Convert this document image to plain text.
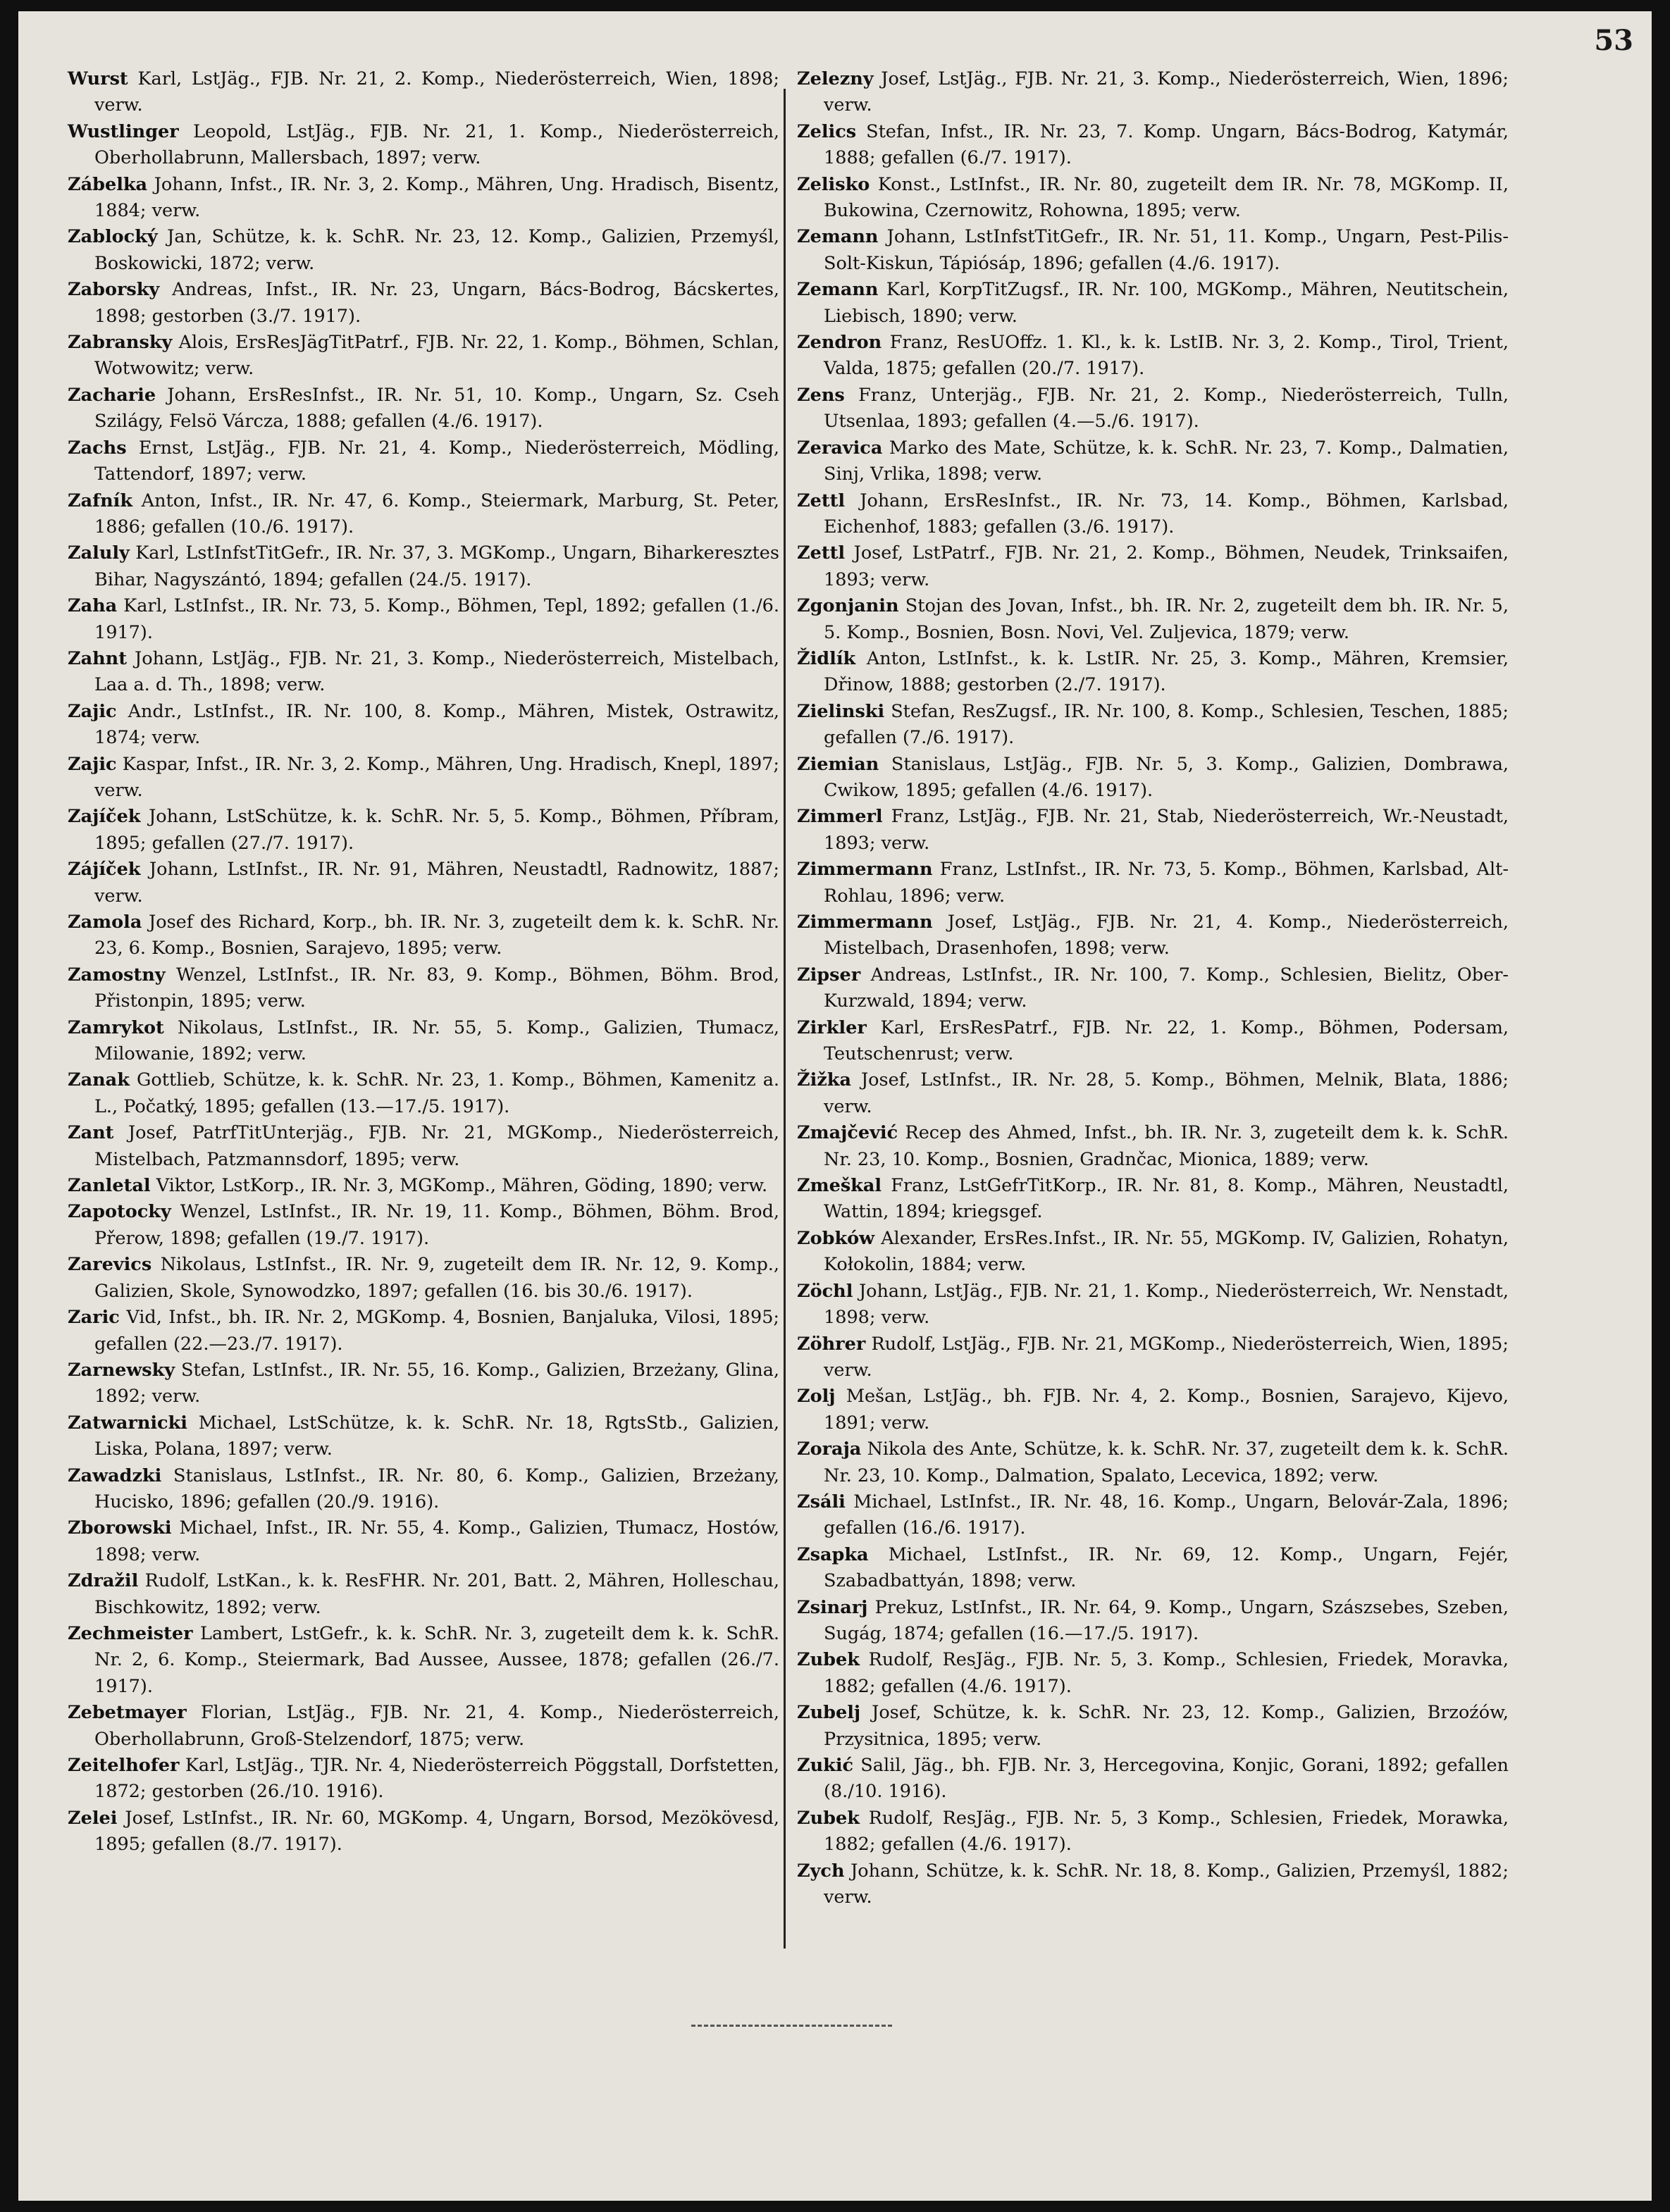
53

Wurst Karl, LstJäg., FJB. Nr. 21, 2. Komp., Niederösterreich, Wien, 1898; verw.

Wustlinger Leopold, LstJäg., FJB. Nr. 21, 1. Komp., Niederösterreich, Oberhollabrunn, Mallersbach, 1897; verw.

Zábelka Johann, Infst., IR. Nr. 3, 2. Komp., Mähren, Ung. Hradisch, Bisentz, 1884; verw.

Zablocký Jan, Schütze, k. k. SchR. Nr. 23, 12. Komp., Galizien, Przemyśl, Boskowicki, 1872; verw.

Zaborsky Andreas, Infst., IR. Nr. 23, Ungarn, Bács-Bodrog, Bácskertes, 1898; gestorben (3./7. 1917).

Zabransky Alois, ErsResJägTitPatrf., FJB. Nr. 22, 1. Komp., Böhmen, Schlan, Wotwowitz; verw.

Zacharie Johann, ErsResInfst., IR. Nr. 51, 10. Komp., Ungarn, Sz. Cseh Szilágy, Felsö Várcza, 1888; gefallen (4./6. 1917).

Zachs Ernst, LstJäg., FJB. Nr. 21, 4. Komp., Niederösterreich, Mödling, Tattendorf, 1897; verw.

Zafník Anton, Infst., IR. Nr. 47, 6. Komp., Steiermark, Marburg, St. Peter, 1886; gefallen (10./6. 1917).

Zaluly Karl, LstInfstTitGefr., IR. Nr. 37, 3. MGKomp., Ungarn, Biharkeresztes Bihar, Nagyszántó, 1894; gefallen (24./5. 1917).

Zaha Karl, LstInfst., IR. Nr. 73, 5. Komp., Böhmen, Tepl, 1892; gefallen (1./6. 1917).

Zahnt Johann, LstJäg., FJB. Nr. 21, 3. Komp., Niederösterreich, Mistelbach, Laa a. d. Th., 1898; verw.

Zajic Andr., LstInfst., IR. Nr. 100, 8. Komp., Mähren, Mistek, Ostrawitz, 1874; verw.

Zajic Kaspar, Infst., IR. Nr. 3, 2. Komp., Mähren, Ung. Hradisch, Knepl, 1897; verw.

Zajíček Johann, LstSchütze, k. k. SchR. Nr. 5, 5. Komp., Böhmen, Příbram, 1895; gefallen (27./7. 1917).

Zájíček Johann, LstInfst., IR. Nr. 91, Mähren, Neustadtl, Radnowitz, 1887; verw.

Zamola Josef des Richard, Korp., bh. IR. Nr. 3, zugeteilt dem k. k. SchR. Nr. 23, 6. Komp., Bosnien, Sarajevo, 1895; verw.

Zamostny Wenzel, LstInfst., IR. Nr. 83, 9. Komp., Böhmen, Böhm. Brod, Přistonpin, 1895; verw.

Zamrykot Nikolaus, LstInfst., IR. Nr. 55, 5. Komp., Galizien, Tłumacz, Milowanie, 1892; verw.

Zanak Gottlieb, Schütze, k. k. SchR. Nr. 23, 1. Komp., Böhmen, Kamenitz a. L., Počatký, 1895; gefallen (13.—17./5. 1917).

Zant Josef, PatrfTitUnterjäg., FJB. Nr. 21, MGKomp., Niederösterreich, Mistelbach, Patzmannsdorf, 1895; verw.

Zanletal Viktor, LstKorp., IR. Nr. 3, MGKomp., Mähren, Göding, 1890; verw.

Zapotocky Wenzel, LstInfst., IR. Nr. 19, 11. Komp., Böhmen, Böhm. Brod, Přerow, 1898; gefallen (19./7. 1917).

Zarevics Nikolaus, LstInfst., IR. Nr. 9, zugeteilt dem IR. Nr. 12, 9. Komp., Galizien, Skole, Synowodzko, 1897; gefallen (16. bis 30./6. 1917).

Zaric Vid, Infst., bh. IR. Nr. 2, MGKomp. 4, Bosnien, Banjaluka, Vilosi, 1895; gefallen (22.—23./7. 1917).

Zarnewsky Stefan, LstInfst., IR. Nr. 55, 16. Komp., Galizien, Brzeżany, Glina, 1892; verw.

Zatwarnicki Michael, LstSchütze, k. k. SchR. Nr. 18, RgtsStb., Galizien, Liska, Polana, 1897; verw.

Zawadzki Stanislaus, LstInfst., IR. Nr. 80, 6. Komp., Galizien, Brzeżany, Hucisko, 1896; gefallen (20./9. 1916).

Zborowski Michael, Infst., IR. Nr. 55, 4. Komp., Galizien, Tłumacz, Hostów, 1898; verw.

Zdražil Rudolf, LstKan., k. k. ResFHR. Nr. 201, Batt. 2, Mähren, Holleschau, Bischkowitz, 1892; verw.

Zechmeister Lambert, LstGefr., k. k. SchR. Nr. 3, zugeteilt dem k. k. SchR. Nr. 2, 6. Komp., Steiermark, Bad Aussee, Aussee, 1878; gefallen (26./7. 1917).

Zebetmayer Florian, LstJäg., FJB. Nr. 21, 4. Komp., Niederösterreich, Oberhollabrunn, Groß-Stelzendorf, 1875; verw.

Zeitelhofer Karl, LstJäg., TJR. Nr. 4, Niederösterreich Pöggstall, Dorfstetten, 1872; gestorben (26./10. 1916).

Zelei Josef, LstInfst., IR. Nr. 60, MGKomp. 4, Ungarn, Borsod, Mezökövesd, 1895; gefallen (8./7. 1917).

Zelezny Josef, LstJäg., FJB. Nr. 21, 3. Komp., Niederösterreich, Wien, 1896; verw.

Zelics Stefan, Infst., IR. Nr. 23, 7. Komp. Ungarn, Bács-Bodrog, Katymár, 1888; gefallen (6./7. 1917).

Zelisko Konst., LstInfst., IR. Nr. 80, zugeteilt dem IR. Nr. 78, MGKomp. II, Bukowina, Czernowitz, Rohowna, 1895; verw.

Zemann Johann, LstInfstTitGefr., IR. Nr. 51, 11. Komp., Ungarn, Pest-Pilis-Solt-Kiskun, Tápiósáp, 1896; gefallen (4./6. 1917).

Zemann Karl, KorpTitZugsf., IR. Nr. 100, MGKomp., Mähren, Neutitschein, Liebisch, 1890; verw.

Zendron Franz, ResUOffz. 1. Kl., k. k. LstIB. Nr. 3, 2. Komp., Tirol, Trient, Valda, 1875; gefallen (20./7. 1917).

Zens Franz, Unterjäg., FJB. Nr. 21, 2. Komp., Niederösterreich, Tulln, Utsenlaa, 1893; gefallen (4.—5./6. 1917).

Zeravica Marko des Mate, Schütze, k. k. SchR. Nr. 23, 7. Komp., Dalmatien, Sinj, Vrlika, 1898; verw.

Zettl Johann, ErsResInfst., IR. Nr. 73, 14. Komp., Böhmen, Karlsbad, Eichenhof, 1883; gefallen (3./6. 1917).

Zettl Josef, LstPatrf., FJB. Nr. 21, 2. Komp., Böhmen, Neudek, Trinksaifen, 1893; verw.

Zgonjanin Stojan des Jovan, Infst., bh. IR. Nr. 2, zugeteilt dem bh. IR. Nr. 5, 5. Komp., Bosnien, Bosn. Novi, Vel. Zuljevica, 1879; verw.

Židlík Anton, LstInfst., k. k. LstIR. Nr. 25, 3. Komp., Mähren, Kremsier, Dřinow, 1888; gestorben (2./7. 1917).

Zielinski Stefan, ResZugsf., IR. Nr. 100, 8. Komp., Schlesien, Teschen, 1885; gefallen (7./6. 1917).

Ziemian Stanislaus, LstJäg., FJB. Nr. 5, 3. Komp., Galizien, Dombrawa, Cwikow, 1895; gefallen (4./6. 1917).

Zimmerl Franz, LstJäg., FJB. Nr. 21, Stab, Niederösterreich, Wr.-Neustadt, 1893; verw.

Zimmermann Franz, LstInfst., IR. Nr. 73, 5. Komp., Böhmen, Karlsbad, Alt-Rohlau, 1896; verw.

Zimmermann Josef, LstJäg., FJB. Nr. 21, 4. Komp., Niederösterreich, Mistelbach, Drasenhofen, 1898; verw.

Zipser Andreas, LstInfst., IR. Nr. 100, 7. Komp., Schlesien, Bielitz, Ober-Kurzwald, 1894; verw.

Zirkler Karl, ErsResPatrf., FJB. Nr. 22, 1. Komp., Böhmen, Podersam, Teutschenrust; verw.

Žižka Josef, LstInfst., IR. Nr. 28, 5. Komp., Böhmen, Melnik, Blata, 1886; verw.

Zmajčević Recep des Ahmed, Infst., bh. IR. Nr. 3, zugeteilt dem k. k. SchR. Nr. 23, 10. Komp., Bosnien, Gradnčac, Mionica, 1889; verw.

Zmeškal Franz, LstGefrTitKorp., IR. Nr. 81, 8. Komp., Mähren, Neustadtl, Wattin, 1894; kriegsgef.

Zobków Alexander, ErsRes.Infst., IR. Nr. 55, MGKomp. IV, Galizien, Rohatyn, Kołokolin, 1884; verw.

Zöchl Johann, LstJäg., FJB. Nr. 21, 1. Komp., Niederösterreich, Wr. Nenstadt, 1898; verw.

Zöhrer Rudolf, LstJäg., FJB. Nr. 21, MGKomp., Niederösterreich, Wien, 1895; verw.

Zolj Mešan, LstJäg., bh. FJB. Nr. 4, 2. Komp., Bosnien, Sarajevo, Kijevo, 1891; verw.

Zoraja Nikola des Ante, Schütze, k. k. SchR. Nr. 37, zugeteilt dem k. k. SchR. Nr. 23, 10. Komp., Dalmation, Spalato, Lecevica, 1892; verw.

Zsáli Michael, LstInfst., IR. Nr. 48, 16. Komp., Ungarn, Belovár-Zala, 1896; gefallen (16./6. 1917).

Zsapka Michael, LstInfst., IR. Nr. 69, 12. Komp., Ungarn, Fejér, Szabadbattyán, 1898; verw.

Zsinarj Prekuz, LstInfst., IR. Nr. 64, 9. Komp., Ungarn, Szászsebes, Szeben, Sugág, 1874; gefallen (16.—17./5. 1917).

Zubek Rudolf, ResJäg., FJB. Nr. 5, 3. Komp., Schlesien, Friedek, Moravka, 1882; gefallen (4./6. 1917).

Zubelj Josef, Schütze, k. k. SchR. Nr. 23, 12. Komp., Galizien, Brzoźów, Przysitnica, 1895; verw.

Zukić Salil, Jäg., bh. FJB. Nr. 3, Hercegovina, Konjic, Gorani, 1892; gefallen (8./10. 1916).

Zubek Rudolf, ResJäg., FJB. Nr. 5, 3 Komp., Schlesien, Friedek, Morawka, 1882; gefallen (4./6. 1917).

Zych Johann, Schütze, k. k. SchR. Nr. 18, 8. Komp., Galizien, Przemyśl, 1882; verw.
